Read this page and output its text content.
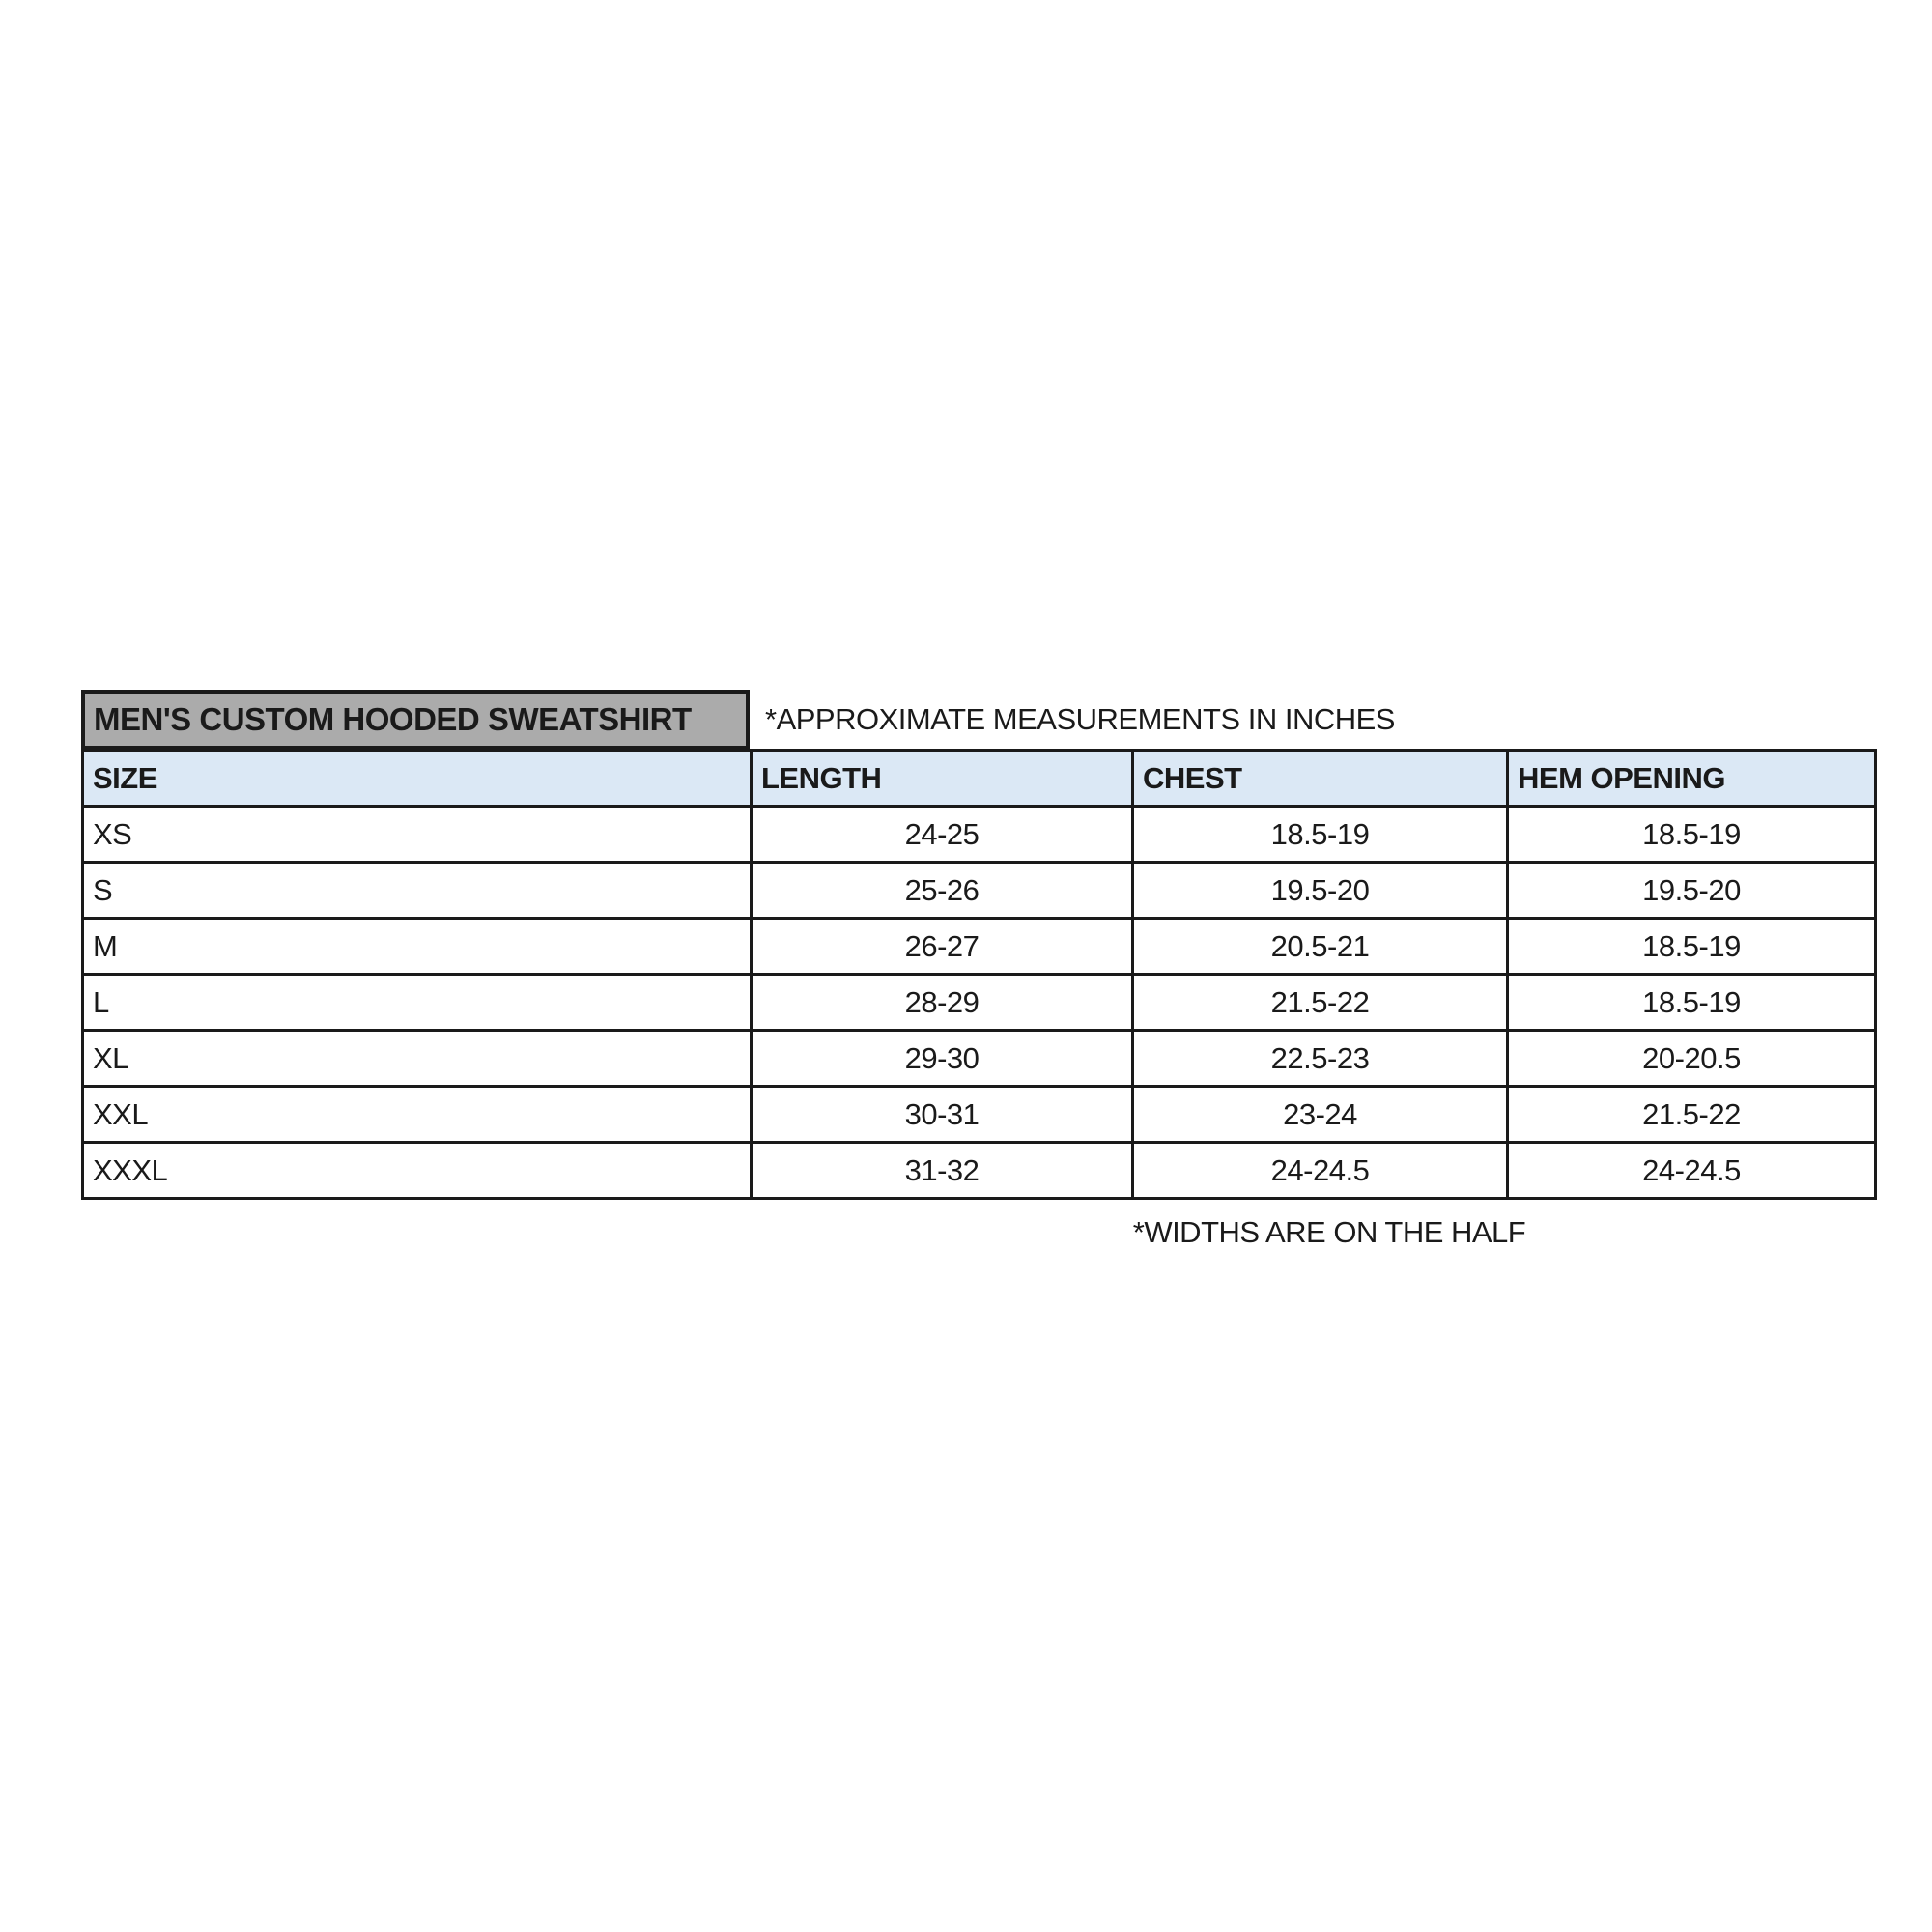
MEN'S CUSTOM HOODED SWEATSHIRT	*APPROXIMATE MEASUREMENTS IN INCHES
SIZE	LENGTH	CHEST	HEM OPENING
XS	24-25	18.5-19	18.5-19
S	25-26	19.5-20	19.5-20
M	26-27	20.5-21	18.5-19
L	28-29	21.5-22	18.5-19
XL	29-30	22.5-23	20-20.5
XXL	30-31	23-24	21.5-22
XXXL	31-32	24-24.5	24-24.5
*WIDTHS ARE ON THE HALF
